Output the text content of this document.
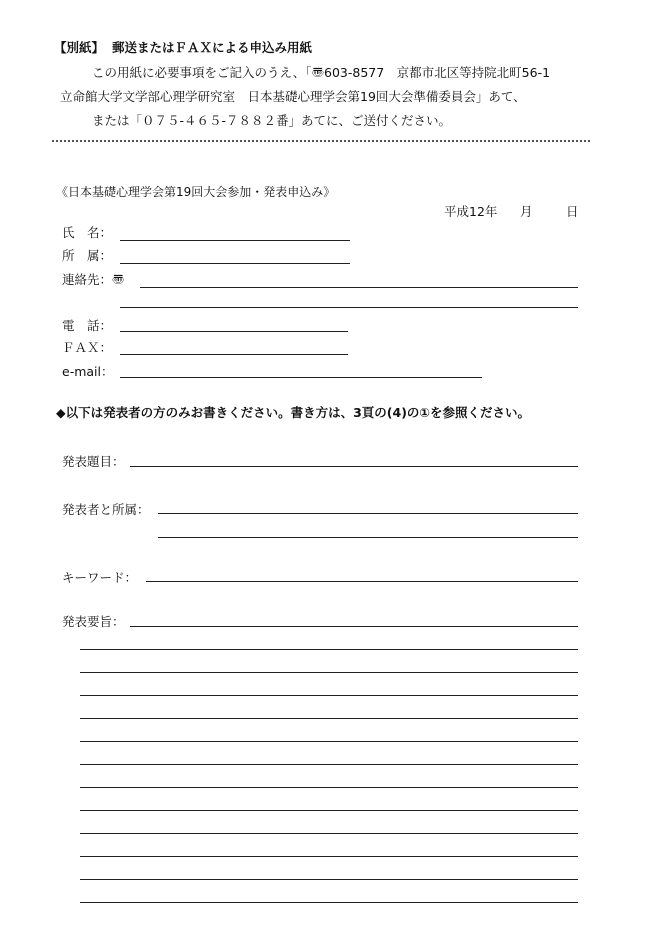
【別紙】 郵送またはＦＡＸによる申込み用紙
この用紙に必要事項をご記入のうえ、「〠603-8577　京都市北区等持院北町56-1
立命館大学文学部心理学研究室　日本基礎心理学会第19回大会準備委員会」あて、
または「０７５-４６５-７８８２番」あてに、ご送付ください。
《日本基礎心理学会第19回大会参加・発表申込み》
平成12年 月	日
氏　名：
所　属：
連絡先：〠
電　話：
ＦＡＸ：
e-mail：
◆以下は発表者の方のみお書きください。書き方は、3頁の(4)の①を参照ください。
発表題目：
発表者と所属：
キーワード：
発表要旨：
